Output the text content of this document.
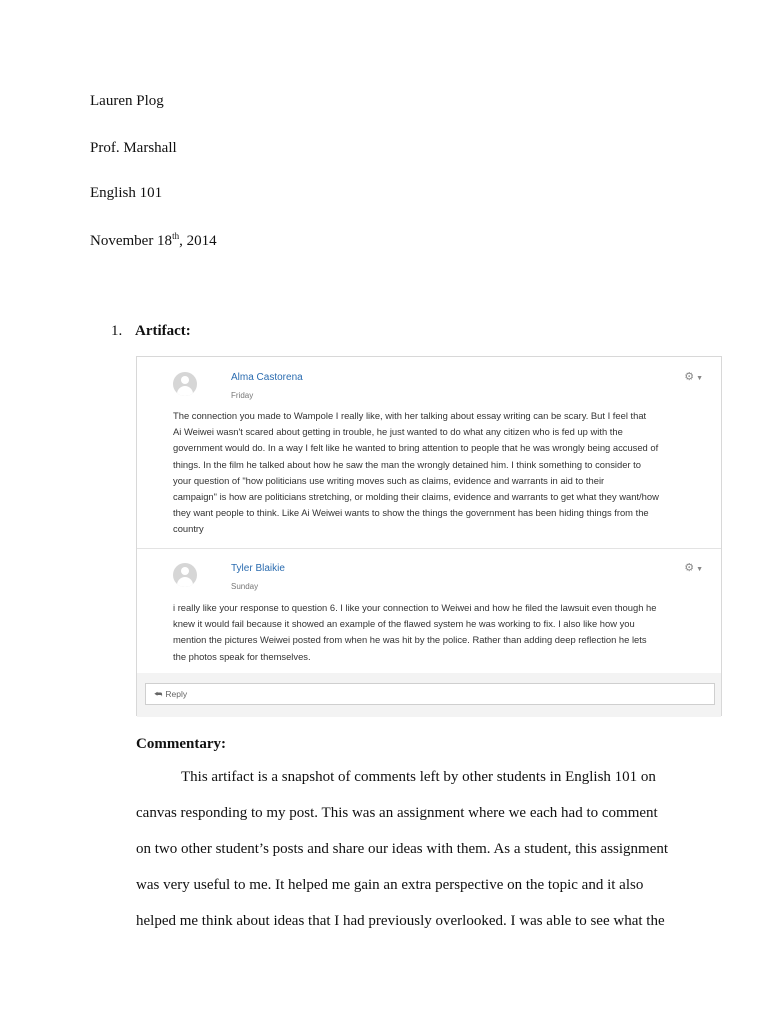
Lauren Plog

Prof. Marshall

English 101

November 18th, 2014

1. Artifact:
Alma Castorena
Friday
⚙ ▼
The connection you made to Wampole I really like, with her talking about essay writing can be scary. But I feel that
Ai Weiwei wasn't scared about getting in trouble, he just wanted to do what any citizen who is fed up with the
government would do. In a way I felt like he wanted to bring attention to people that he was wrongly being accused of
things. In the film he talked about how he saw the man the wrongly detained him. I think something to consider to
your question of "how politicians use writing moves such as claims, evidence and warrants in aid to their
campaign" is how are politicians stretching, or molding their claims, evidence and warrants to get what they want/how
they want people to think. Like Ai Weiwei wants to show the things the government has been hiding things from the
country
Tyler Blaikie
Sunday
⚙ ▼
i really like your response to question 6. I like your connection to Weiwei and how he filed the lawsuit even though he
knew it would fail because it showed an example of the flawed system he was working to fix. I also like how you
mention the pictures Weiwei posted from when he was hit by the police. Rather than adding deep reflection he lets
the photos speak for themselves.
⮪ Reply
Commentary:

This artifact is a snapshot of comments left by other students in English 101 on
canvas responding to my post. This was an assignment where we each had to comment
on two other student’s posts and share our ideas with them. As a student, this assignment
was very useful to me. It helped me gain an extra perspective on the topic and it also
helped me think about ideas that I had previously overlooked. I was able to see what the
